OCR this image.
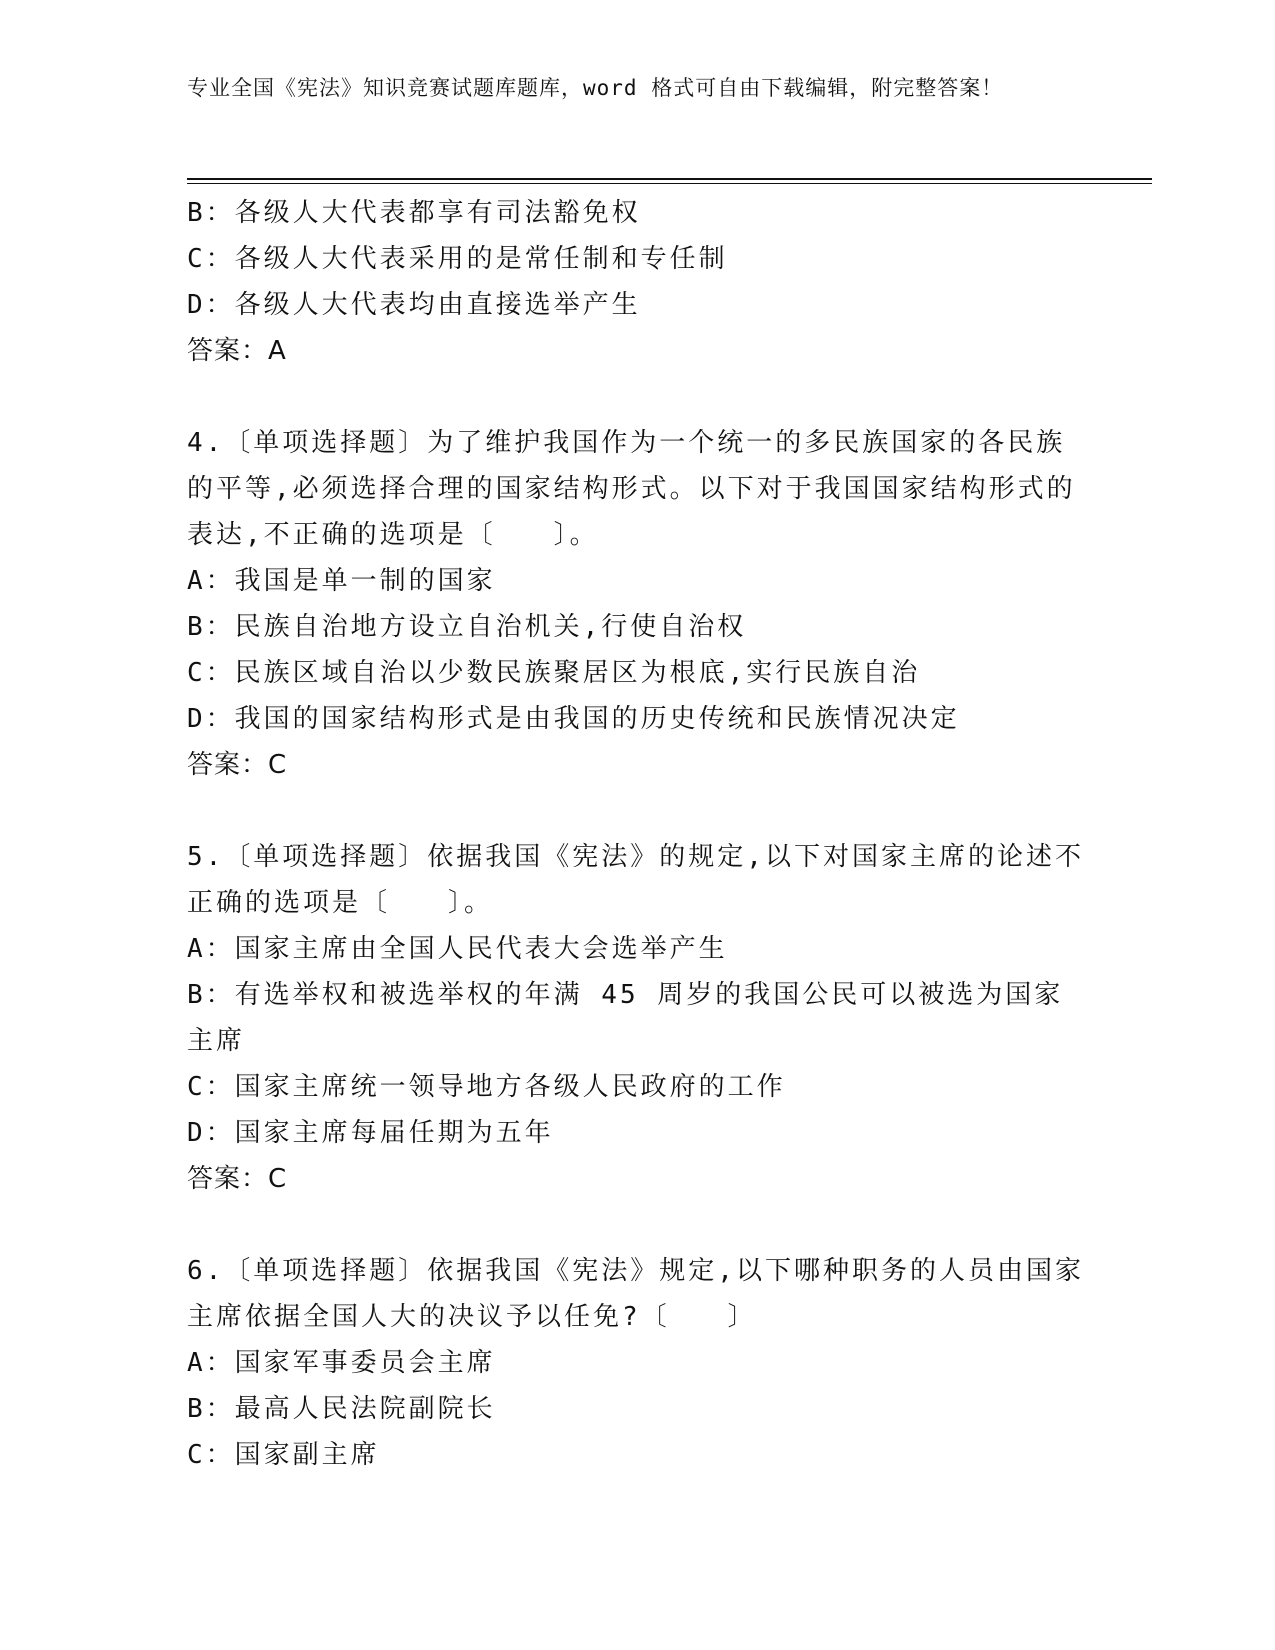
专业全国《宪法》知识竞赛试题库题库，word 格式可自由下载编辑，附完整答案！
B：各级人大代表都享有司法豁免权
C：各级人大代表采用的是常任制和专任制
D：各级人大代表均由直接选举产生
答案：A
4.〔单项选择题〕为了维护我国作为一个统一的多民族国家的各民族的平等,必须选择合理的国家结构形式。以下对于我国国家结构形式的表达,不正确的选项是〔　　〕。
A：我国是单一制的国家
B：民族自治地方设立自治机关,行使自治权
C：民族区域自治以少数民族聚居区为根底,实行民族自治
D：我国的国家结构形式是由我国的历史传统和民族情况决定
答案：C
5.〔单项选择题〕依据我国《宪法》的规定,以下对国家主席的论述不正确的选项是〔　　〕。
A：国家主席由全国人民代表大会选举产生
B：有选举权和被选举权的年满 45 周岁的我国公民可以被选为国家主席
C：国家主席统一领导地方各级人民政府的工作
D：国家主席每届任期为五年
答案：C
6.〔单项选择题〕依据我国《宪法》规定,以下哪种职务的人员由国家主席依据全国人大的决议予以任免?〔　　〕
A：国家军事委员会主席
B：最高人民法院副院长
C：国家副主席
